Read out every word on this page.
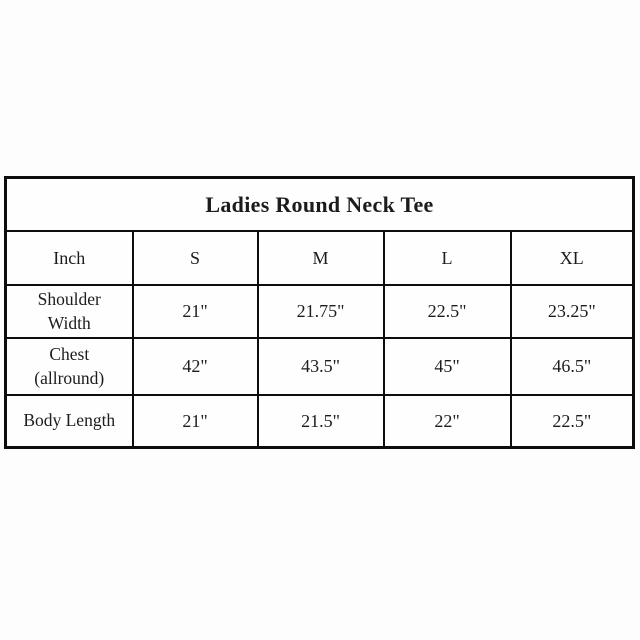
Ladies Round Neck Tee				
Inch	S	M	L	XL
Shoulder Width	21"	21.75"	22.5"	23.25"
Chest (allround)	42"	43.5"	45"	46.5"
Body Length	21"	21.5"	22"	22.5"
